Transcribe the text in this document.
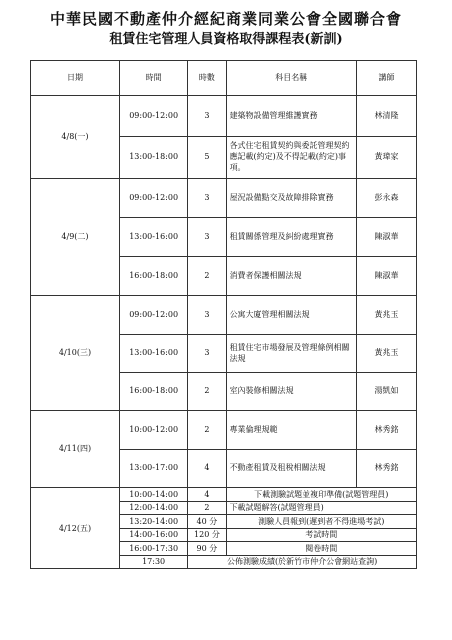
中華民國不動產仲介經紀商業同業公會全國聯合會
租賃住宅管理人員資格取得課程表(新訓)
日期	時間	時數	科目名稱	講師
4/8(一)	09:00-12:00	3	建築物設備管理維護實務	林清隆
	13:00-18:00	5	各式住宅租賃契約與委託管理契約應記載(約定)及不得記載(約定)事項。	黃瑋家
4/9(二)	09:00-12:00	3	屋況設備點交及故障排除實務	彭永森
	13:00-16:00	3	租賃關係管理及糾紛處理實務	陳淑華
	16:00-18:00	2	消費者保護相關法規	陳淑華
4/10(三)	09:00-12:00	3	公寓大廈管理相關法規	黃兆玉
	13:00-16:00	3	租賃住宅市場發展及管理條例相關法規	黃兆玉
	16:00-18:00	2	室內裝修相關法規	湯凱如
4/11(四)	10:00-12:00	2	專業倫理規範	林秀銘
	13:00-17:00	4	不動產租賃及租稅相關法規	林秀銘
4/12(五)	10:00-14:00	4	下載測驗試題並複印準備(試題管理員)	
	12:00-14:00	2	下載試題解答(試題管理員)	
	13:20-14:00	40 分	測驗人員報到(遲到者不得進場考試)	
	14:00-16:00	120 分	考試時間	
	16:00-17:30	90 分	閱卷時間	
	17:30	公佈測驗成績(於新竹市仲介公會網站查詢)		
